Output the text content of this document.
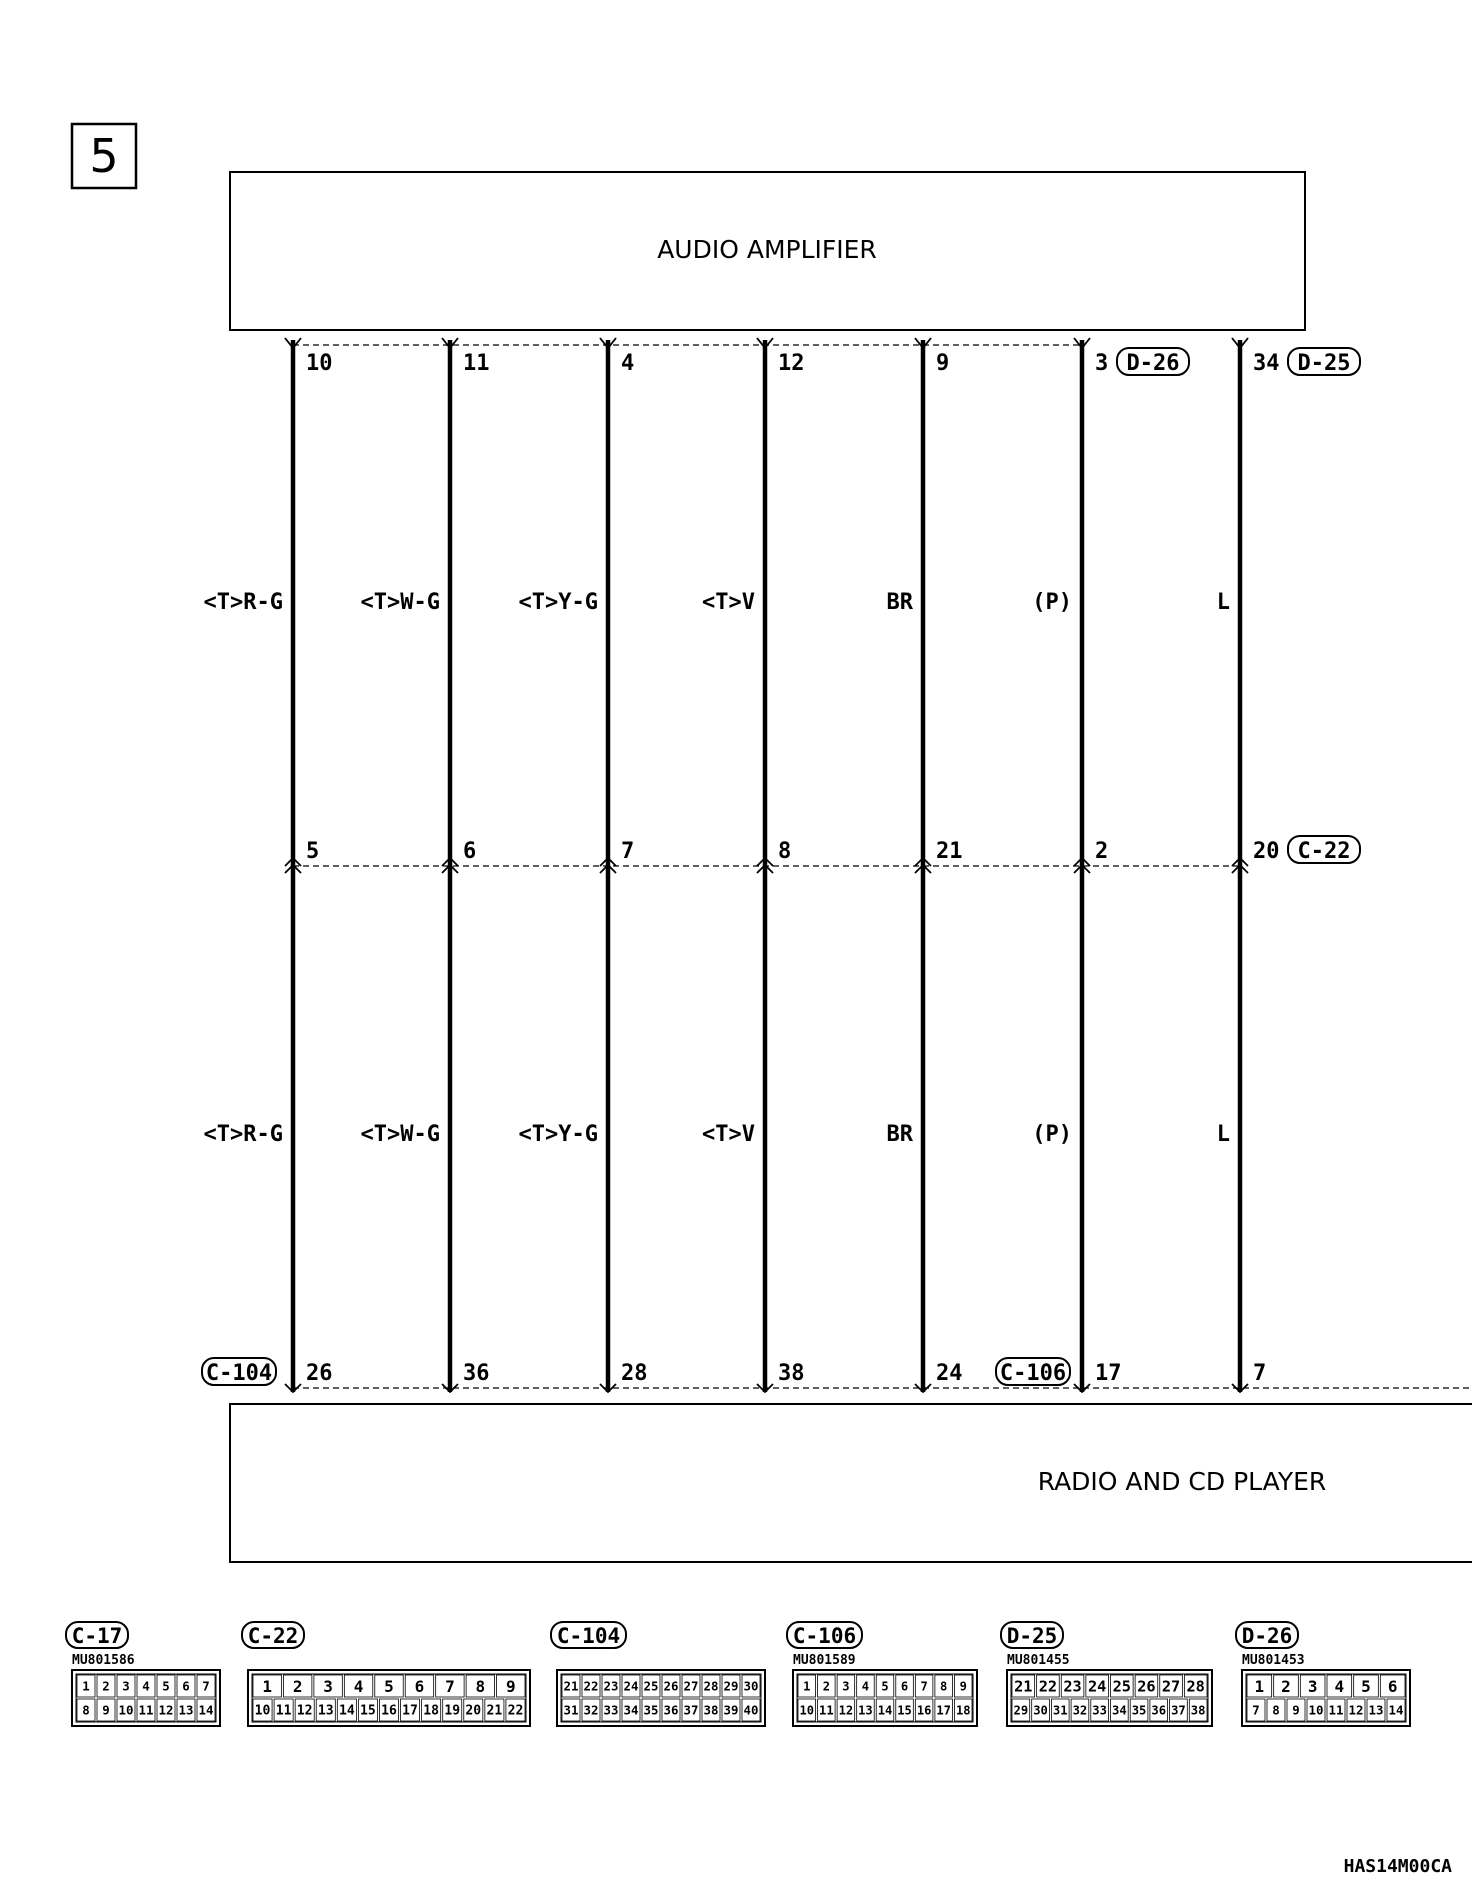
5
AUDIO AMPLIFIER
RADIO AND CD PLAYER
10
5
26
<T>R-G
<T>R-G
11
6
36
<T>W-G
<T>W-G
4
7
28
<T>Y-G
<T>Y-G
12
8
38
<T>V
<T>V
9
21
24
BR
BR
3
2
17
(P)
(P)
34
20
7
L
L
D-26	D-25
C-22
C-104	C-106
C-17
MU801586
1 2 3 4 5 6 7
8 9 10 11 12 13 14
C-22
1 2 3 4 5 6 7 8 9
10 11 12 13 14 15 16 17 18 19 20 21 22
C-104
21 22 23 24 25 26 27 28 29 30
31 32 33 34 35 36 37 38 39 40
C-106
MU801589
1 2 3 4 5 6 7 8 9
10 11 12 13 14 15 16 17 18
D-25
MU801455
21 22 23 24 25 26 27 28
29 30 31 32 33 34 35 36 37 38
D-26
MU801453
1 2 3 4 5 6
7 8 9 10 11 12 13 14
HAS14M00CA
